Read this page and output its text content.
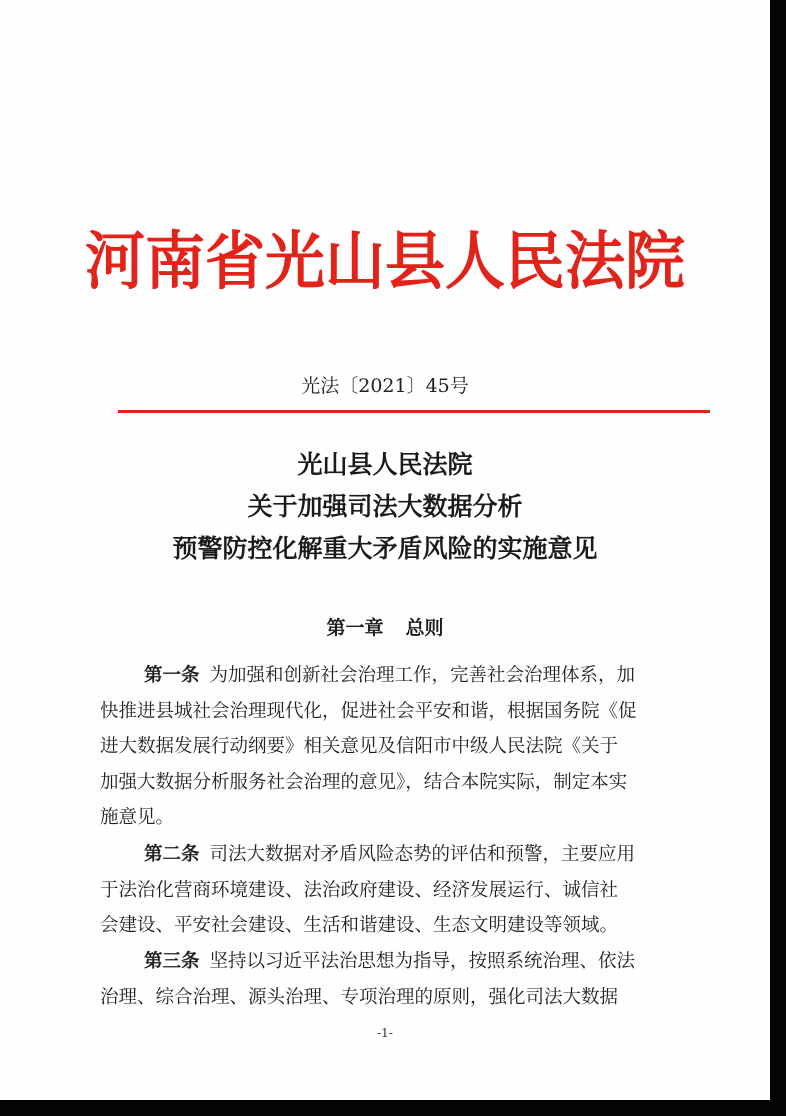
河南省光山县人民法院
光法〔2021〕45号
光山县人民法院
关于加强司法大数据分析
预警防控化解重大矛盾风险的实施意见
第一章 总则
第一条 为加强和创新社会治理工作，完善社会治理体系，加
快推进县城社会治理现代化，促进社会平安和谐，根据国务院《促
进大数据发展行动纲要》相关意见及信阳市中级人民法院《关于
加强大数据分析服务社会治理的意见》，结合本院实际，制定本实
施意见。
第二条 司法大数据对矛盾风险态势的评估和预警，主要应用
于法治化营商环境建设、法治政府建设、经济发展运行、诚信社
会建设、平安社会建设、生活和谐建设、生态文明建设等领域。
第三条 坚持以习近平法治思想为指导，按照系统治理、依法
治理、综合治理、源头治理、专项治理的原则，强化司法大数据
-1-
